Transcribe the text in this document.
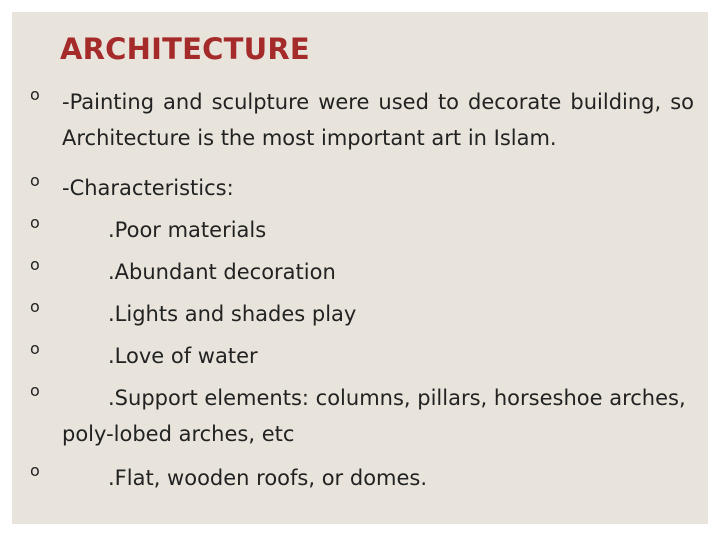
ARCHITECTURE
o -Painting and sculpture were used to decorate building, so Architecture is the most important art in Islam.
o -Characteristics:
o	.Poor materials
o	.Abundant decoration
o	.Lights and shades play
o	.Love of water
o	.Support elements: columns, pillars, horseshoe arches, poly-lobed arches, etc
o	.Flat, wooden roofs, or domes.
